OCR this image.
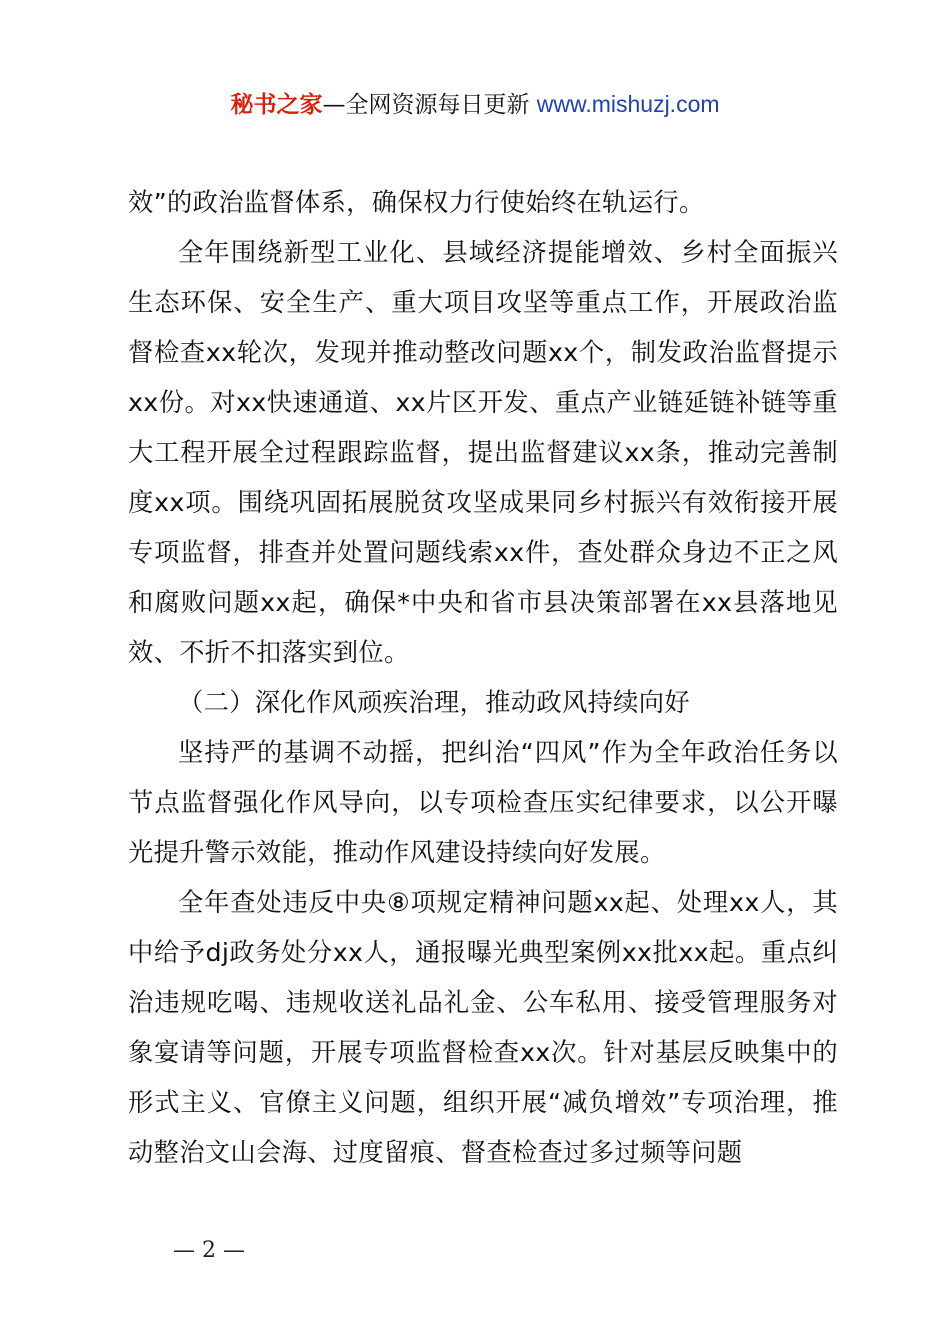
秘书之家—全网资源每日更新 www.mishuzj.com

效”的政治监督体系，确保权力行使始终在轨运行。

全年围绕新型工业化、县域经济提能增效、乡村全面振兴生态环保、安全生产、重大项目攻坚等重点工作，开展政治监督检查xx轮次，发现并推动整改问题xx个，制发政治监督提示xx份。对xx快速通道、xx片区开发、重点产业链延链补链等重大工程开展全过程跟踪监督，提出监督建议xx条，推动完善制度xx项。围绕巩固拓展脱贫攻坚成果同乡村振兴有效衔接开展专项监督，排查并处置问题线索xx件，查处群众身边不正之风和腐败问题xx起，确保*中央和省市县决策部署在xx县落地见效、不折不扣落实到位。

（二）深化作风顽疾治理，推动政风持续向好

坚持严的基调不动摇，把纠治“四风”作为全年政治任务以节点监督强化作风导向，以专项检查压实纪律要求，以公开曝光提升警示效能，推动作风建设持续向好发展。

全年查处违反中央⑧项规定精神问题xx起、处理xx人，其中给予dj政务处分xx人，通报曝光典型案例xx批xx起。重点纠治违规吃喝、违规收送礼品礼金、公车私用、接受管理服务对象宴请等问题，开展专项监督检查xx次。针对基层反映集中的形式主义、官僚主义问题，组织开展“减负增效”专项治理，推动整治文山会海、过度留痕、督查检查过多过频等问题

— 2 —
